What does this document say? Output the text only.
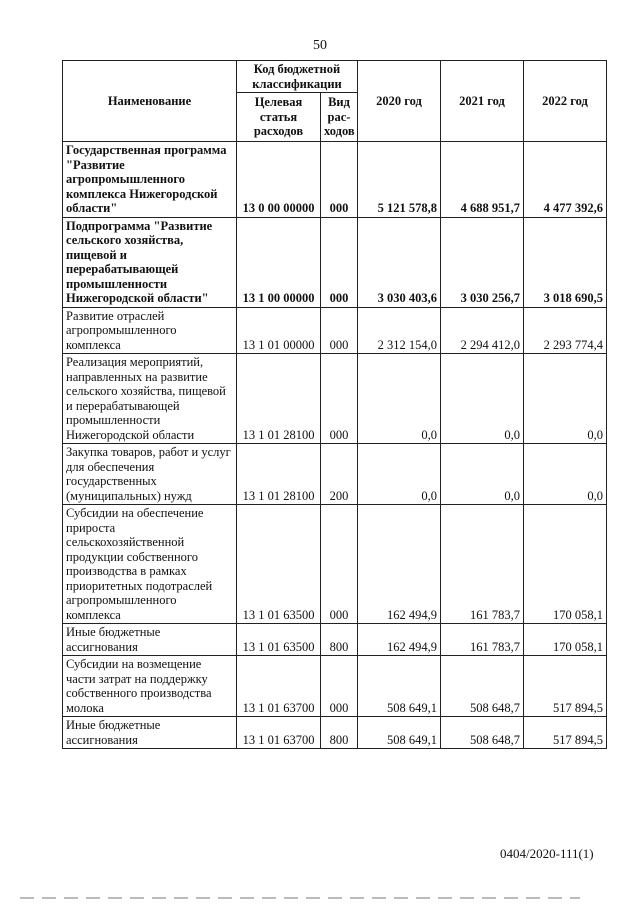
50
Наименование	Код бюджетной классификации		2020 год	2021 год	2022 год
	Целевая статья расходов	Вид рас-ходов			
Государственная программа "Развитие агропромышленного комплекса Нижегородской области"	13 0 00 00000	000	5 121 578,8	4 688 951,7	4 477 392,6
Подпрограмма "Развитие сельского хозяйства, пищевой и перерабатывающей промышленности Нижегородской области"	13 1 00 00000	000	3 030 403,6	3 030 256,7	3 018 690,5
Развитие отраслей агропромышленного комплекса	13 1 01 00000	000	2 312 154,0	2 294 412,0	2 293 774,4
Реализация мероприятий, направленных на развитие сельского хозяйства, пищевой и перерабатывающей промышленности Нижегородской области	13 1 01 28100	000	0,0	0,0	0,0
Закупка товаров, работ и услуг для обеспечения государственных (муниципальных) нужд	13 1 01 28100	200	0,0	0,0	0,0
Субсидии на обеспечение прироста сельскохозяйственной продукции собственного производства в рамках приоритетных подотраслей агропромышленного комплекса	13 1 01 63500	000	162 494,9	161 783,7	170 058,1
Иные бюджетные ассигнования	13 1 01 63500	800	162 494,9	161 783,7	170 058,1
Субсидии на возмещение части затрат на поддержку собственного производства молока	13 1 01 63700	000	508 649,1	508 648,7	517 894,5
Иные бюджетные ассигнования	13 1 01 63700	800	508 649,1	508 648,7	517 894,5
0404/2020-111(1)
